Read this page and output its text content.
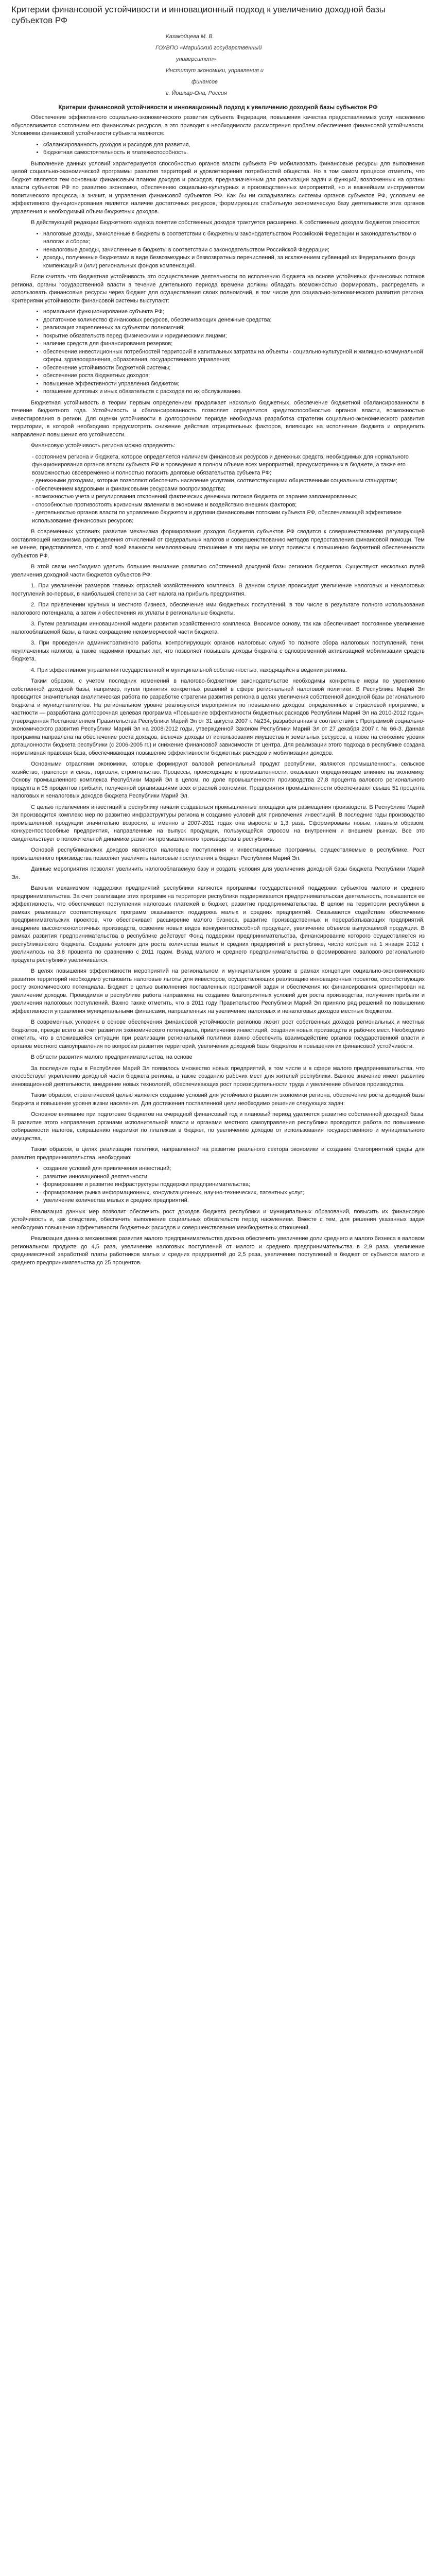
Критерии финансовой устойчивости и инновационный подход к увеличению доходной базы субъектов РФ
Казакойцева М. В.
ГОУВПО «Марийский государственный
университет»
Институт экономики, управления и
финансов
г. Йошкар-Ола, Россия
Критерии финансовой устойчивости и инновационный подход к увеличению доходной базы субъектов РФ

Обеспечение эффективного социально-экономического развития субъекта Федерации, повышения качества предоставляемых услуг населению обусловливается состоянием его финансовых ресурсов, а это приводит к необходимости рассмотрения проблем обеспечения финансовой устойчивости. Условиями финансовой устойчивости субъекта являются:

• сбалансированность доходов и расходов для развития,
• бюджетная самостоятельность и платежеспособность.

Выполнение данных условий характеризуется способностью органов власти субъекта РФ мобилизовать финансовые ресурсы для выполнения целой социально-экономической программы развития территорий и удовлетворения потребностей общества. Но в том самом процессе отметить, что бюджет является тем основным финансовым планом доходов и расходов, предназначенным для реализации задач и функций, возложенных на органы власти субъектов РФ по развитию экономики, обеспечению социально-культурных и производственных мероприятий, но и важнейшим инструментом политического процесса, а значит, и управления финансовой субъектов РФ. Как бы ни складывались системы органов субъектов РФ, условием ее эффективного функционирования является наличие достаточных ресурсов, формирующих стабильную экономическую базу деятельности этих органов управления и необходимый объем бюджетных доходов.

В действующей редакции Бюджетного кодекса понятие собственных доходов трактуется расширено. К собственным доходам бюджетов относятся:

• налоговые доходы, зачисленные в бюджеты в соответствии с бюджетным законодательством Российской Федерации и законодательством о налогах и сборах;
• неналоговые доходы, зачисленные в бюджеты в соответствии с законодательством Российской Федерации;
• доходы, полученные бюджетами в виде безвозмездных и безвозвратных перечислений, за исключением субвенций из Федерального фонда компенсаций и (или) региональных фондов компенсаций.

Если считать что бюджетная устойчивость это осуществление деятельности по исполнению бюджета на основе устойчивых финансовых потоков региона, органы государственной власти в течение длительного периода времени должны обладать возможностью формировать, распределять и использовать финансовые ресурсы через бюджет для осуществления своих полномочий, в том числе для социально-экономического развития региона. Критериями устойчивости финансовой системы выступают:

• нормальное функционирование субъекта РФ;
• достаточное количество финансовых ресурсов, обеспечивающих денежные средства;
• реализация закрепленных за субъектом полномочий;
• покрытие обязательств перед физическими и юридическими лицами;
• наличие средств для финансирования резервов;
• обеспечение инвестиционных потребностей территорий в капитальных затратах на объекты - социально-культурной и жилищно-коммунальной сферы, здравоохранения, образования, государственного управления;
• обеспечение устойчивости бюджетной системы;
• обеспечение роста бюджетных доходов;
• повышение эффективности управления бюджетом;
• погашение долговых и иных обязательств с расходов по их обслуживанию.

Бюджетная устойчивость в теории первым определением продолжает насколько бюджетных, обеспечение бюджетной сбалансированности в течение бюджетного года. Устойчивость и сбалансированность позволяет определится кредитоспособностью органов власти, возможностью инвестирования в регион. Для оценки устойчивости в долгосрочном периоде необходима разработка стратегии социально-экономического развития территории, в которой необходимо предусмотреть снижение действия отрицательных факторов, влияющих на исполнение бюджета и определить направления повышения его устойчивости.

Финансовую устойчивость региона можно определять:

- состоянием региона и бюджета, которое определяется наличием финансовых ресурсов и денежных средств, необходимых для нормального функционирования органов власти субъекта РФ и проведения в полном объеме всех мероприятий, предусмотренных в бюджете, а также его возможностью своевременно и полностью погасить долговые обязательства субъекта РФ;
- денежными доходами, которые позволяют обеспечить население услугами, соответствующими общественным социальным стандартам;
- обеспечением кадровыми и финансовыми ресурсами воспроизводства;
- возможностью учета и регулирования отклонений фактических денежных потоков бюджета от заранее запланированных;
- способностью противостоять кризисным явлениям в экономике и воздействию внешних факторов;
- деятельностью органов власти по управлению бюджетом и другими финансовыми потоками субъекта РФ, обеспечивающей эффективное использование финансовых ресурсов;

В современных условиях развитие механизма формирования доходов бюджетов субъектов РФ сводится к совершенствованию регулирующей составляющей механизма распределения отчислений от федеральных налогов и совершенствованию методов предоставления финансовой помощи. Тем не менее, представляется, что с этой всей важности немаловажным отношение в эти меры не могут привести к повышению бюджетной обеспеченности субъектов РФ.

В этой связи необходимо уделить большее внимание развитию собственной доходной базы регионов бюджетов. Существуют несколько путей увеличения доходной части бюджетов субъектов РФ:

1. При увеличении размеров главных отраслей хозяйственного комплекса. В данном случае происходит увеличение налоговых и неналоговых поступлений во-первых, в наибольшей степени за счет налога на прибыль предприятия.

2. При привлечении крупных и местного бизнеса, обеспечение ими бюджетных поступлений, в том числе в результате полного использования налогового потенциала, а затем и обеспечения их уплаты в региональные бюджеты.

3. Путем реализации инновационной модели развития хозяйственного комплекса. Вносимое основу, так как обеспечивает постоянное увеличение налогооблагаемой базы, а также сокращение некоммерческой части бюджета.

3. При проведении административного работы, контролирующих органов налоговых служб по полноте сбора налоговых поступлений, пени, неуплаченных налогов, а также недоимки прошлых лет, что позволяет повышать доходы бюджета с одновременной активизацией мобилизации средств бюджета.

4. При эффективном управлении государственной и муниципальной собственностью, находящейся в ведении региона.

Таким образом, с учетом последних изменений в налогово-бюджетном законодательстве необходимы конкретные меры по укреплению собственной доходной базы, например, путем принятия конкретных решений в сфере региональной налоговой политики. В Республике Марий Эл проводится значительная аналитическая работа по разработке стратегии развития региона в целях увеличения собственной доходной базы регионального бюджета и муниципалитетов. На региональном уровне реализуются мероприятия по повышению доходов, определенных в отраслевой программе, в частности — разработана долгосрочная целевая программа «Повышение эффективности бюджетных расходов Республики Марий Эл на 2010-2012 годы», утвержденная Постановлением Правительства Республики Марий Эл от 31 августа 2007 г. №234, разработанная в соответствии с Программой социально-экономического развития Республики Марий Эл на 2008-2012 годы, утвержденной Законом Республики Марий Эл от 27 декабря 2007 г. № 66-З. Данная программа направлена на обеспечение роста доходов, включая доходы от использования имущества и земельных ресурсов, а также на снижение уровня дотационности бюджета республики (с 2006-2005 гг.) и снижение финансовой зависимости от центра. Для реализации этого подхода в республике создана нормативная правовая база, обеспечивающая повышение эффективности бюджетных расходов и мобилизации доходов.

Основными отраслями экономики, которые формируют валовой региональный продукт республики, являются промышленность, сельское хозяйство, транспорт и связь, торговля, строительство. Процессы, происходящие в промышленности, оказывают определяющее влияние на экономику. Основу промышленного комплекса Республики Марий Эл в целом, по доле промышленности производства 27,8 процента валового регионального продукта и 95 процентов прибыли, полученной организациями всех отраслей экономики. Предприятия промышленности обеспечивают свыше 51 процента налоговых и неналоговых доходов бюджета Республики Марий Эл.

С целью привлечения инвестиций в республику начали создаваться промышленные площадки для размещения производств. В Республике Марий Эл производится комплекс мер по развитию инфраструктуры региона и созданию условий для привлечения инвестиций. В последние годы производство промышленной продукции значительно возросло, а именно в 2007-2011 годах она выросла в 1,3 раза. Сформированы новые, главным образом, конкурентоспособные предприятия, направленные на выпуск продукции, пользующейся спросом на внутреннем и внешнем рынках. Все это свидетельствует о положительной динамике развития промышленного производства в республике.

Основой республиканских доходов являются налоговые поступления и инвестиционные программы, осуществляемые в республике. Рост промышленного производства позволяет увеличить налоговые поступления в бюджет Республики Марий Эл.

Данные мероприятия позволят увеличить налогооблагаемую базу и создать условия для увеличения доходной базы бюджета Республики Марий Эл.

Важным механизмом поддержки предприятий республики являются программы государственной поддержки субъектов малого и среднего предпринимательства. За счет реализации этих программ на территории республики поддерживается предпринимательская деятельность, повышается ее эффективность, что обеспечивает поступления налоговых платежей в бюджет, развитие предпринимательства. В целом на территории республики в рамках реализации соответствующих программ оказывается поддержка малых и средних предприятий. Оказывается содействие обеспечению предпринимательских проектов, что обеспечивает расширение малого бизнеса, развитие производственных и перерабатывающих предприятий, внедрение высокотехнологичных производств, освоение новых видов конкурентоспособной продукции, увеличение объемов выпускаемой продукции. В рамках развития предпринимательства в республике действует Фонд поддержки предпринимательства, финансирование которого осуществляется из республиканского бюджета. Созданы условия для роста количества малых и средних предприятий в республике, число которых на 1 января 2012 г. увеличилось на 3,6 процента по сравнению с 2011 годом. Вклад малого и среднего предпринимательства в формирование валового регионального продукта республики увеличивается.

В целях повышения эффективности мероприятий на региональном и муниципальном уровне в рамках концепции социально-экономического развития территорий необходимо установить налоговые льготы для инвесторов, осуществляющих реализацию инновационных проектов, способствующих росту экономического потенциала. Бюджет с целью выполнения поставленных программой задач и обеспечения их финансирования ориентирован на увеличение доходов. Проводимая в республике работа направлена на создание благоприятных условий для роста производства, получения прибыли и увеличения налоговых поступлений. Важно также отметить, что в 2011 году Правительство Республики Марий Эл приняло ряд решений по повышению эффективности управления муниципальными финансами, направленных на увеличение налоговых и неналоговых доходов местных бюджетов.

В современных условиях в основе обеспечения финансовой устойчивости регионов лежит рост собственных доходов региональных и местных бюджетов, прежде всего за счет развития экономического потенциала, привлечения инвестиций, создания новых производств и рабочих мест. Необходимо отметить, что в сложившейся ситуации при реализации региональной политики важно обеспечить взаимодействие органов государственной власти и органов местного самоуправления по вопросам развития территорий, увеличения доходной базы бюджетов и повышения их финансовой устойчивости.

В области развития малого предпринимательства, на основе

За последние годы в Республике Марий Эл появилось множество новых предприятий, в том числе и в сфере малого предпринимательства, что способствует укреплению доходной части бюджета региона, а также созданию рабочих мест для жителей республики. Важное значение имеет развитие инновационной деятельности, внедрение новых технологий, обеспечивающих рост производительности труда и увеличение объемов производства.

Таким образом, стратегической целью является создание условий для устойчивого развития экономики региона, обеспечение роста доходной базы бюджета и повышение уровня жизни населения. Для достижения поставленной цели необходимо решение следующих задач:

Основное внимание при подготовке бюджетов на очередной финансовый год и плановый период уделяется развитию собственной доходной базы. В развитие этого направления органами исполнительной власти и органами местного самоуправления республики проводится работа по повышению собираемости налогов, сокращению недоимки по платежам в бюджет, по увеличению доходов от использования государственного и муниципального имущества.

Таким образом, в целях реализации политики, направленной на развитие реального сектора экономики и создание благоприятной среды для развития предпринимательства, необходимо:

• создание условий для привлечения инвестиций;
• развитие инновационной деятельности;
• формирование и развитие инфраструктуры поддержки предпринимательства;
• формирование рынка информационных, консультационных, научно-технических, патентных услуг;
• увеличение количества малых и средних предприятий.

Реализация данных мер позволит обеспечить рост доходов бюджета республики и муниципальных образований, повысить их финансовую устойчивость и, как следствие, обеспечить выполнение социальных обязательств перед населением. Вместе с тем, для решения указанных задач необходимо повышение эффективности бюджетных расходов и совершенствование межбюджетных отношений.

Реализация данных механизмов развития малого предпринимательства должна обеспечить увеличение доли среднего и малого бизнеса в валовом региональном продукте до 4,5 раза, увеличение налоговых поступлений от малого и среднего предпринимательства в 2,9 раза, увеличение среднемесячной заработной платы работников малых и средних предприятий до 2,5 раза, увеличение поступлений в бюджет от субъектов малого и среднего предпринимательства до 25 процентов.
